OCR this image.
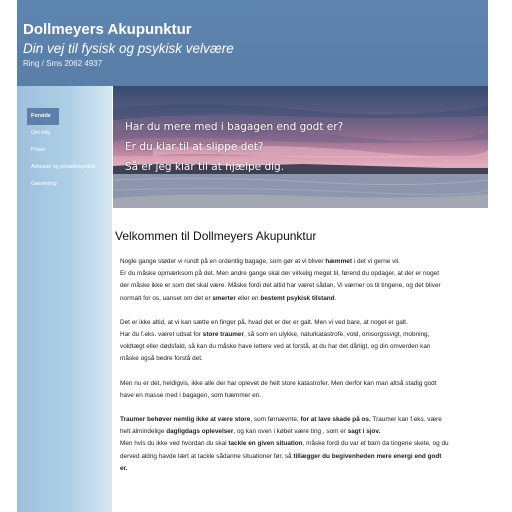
Dollmeyers Akupunktur
Din vej til fysisk og psykisk velvære
Ring / Sms 2062 4937
Forside
Om mig
Priser
Adresse og privatlivspolitik
Gæstebog
Har du mere med i bagagen end godt er?
Er du klar til at slippe det?
Så er jeg klar til at hjælpe dig.
Velkommen til Dollmeyers Akupunktur

Nogle gange støder vi rundt på en ordentlig bagage, som gør at vi bliver hæmmet i det vi gerne vil.
Er du måske opmærksom på det. Men andre gange skal der virkelig meget til, førend du opdager, at der er noget
der måske ikke er som det skal være. Måske fordi det altid har været sådan. Vi værner os til tingene, og det bliver
normalt for os, uanset om det er smerter eller en bestemt psykisk tilstand.

Det er ikke altid, at vi kan sætte en finger på, hvad det er der er galt. Men vi ved bare, at noget er galt.
Har du f.eks. været udsat for store traumer, så som en ulykke, naturkatastrofe, vold, omsorgssvigt, mobning,
voldtægt eller dødsfald, så kan du måske have lettere ved at forstå, at du har det dårligt, og din omverden kan
måske også bedre forstå det.

Men nu er det, heldigvis, ikke alle der har oplevet de helt store katastrofer. Men derfor kan man altså stadig godt
have en masse med i bagagen, som hæmmer en.

Traumer behøver nemlig ikke at være store, som førnævnte, for at lave skade på os. Traumer kan f.eks. være
helt almindelige dagligdags oplevelser, og kan oven i købet være ting , som er sagt i sjov.
Men hvis du ikke ved hvordan du skal tackle en given situation, måske fordi du var et barn da tingene skete, og du
derved aldrig havde lært at tackle sådanne situationer før, så tillægger du begivenheden mere energi end godt
er.
